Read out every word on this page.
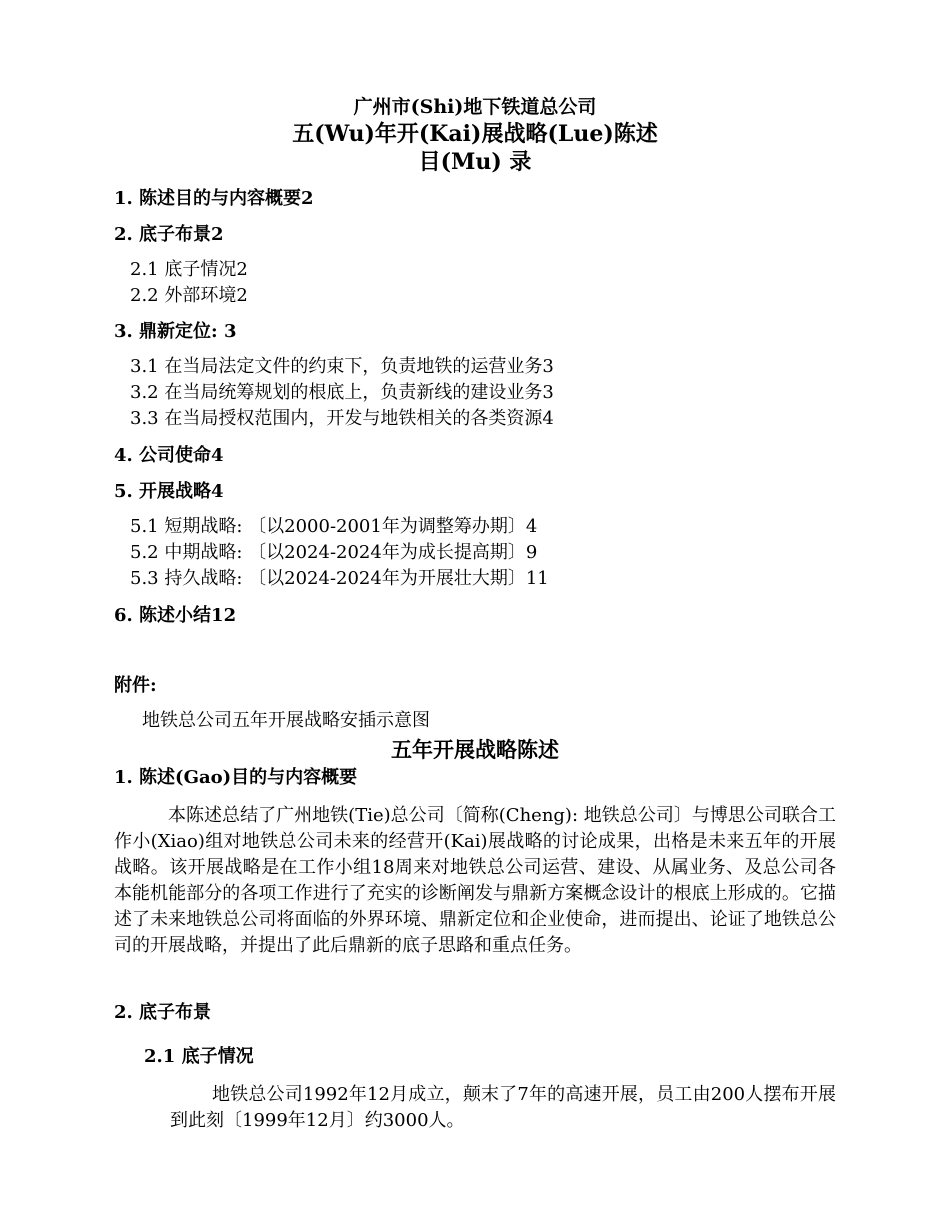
广州市(Shi)地下铁道总公司
五(Wu)年开(Kai)展战略(Lue)陈述
目(Mu) 录
1. 陈述目的与内容概要2
2. 底子布景2
2.1 底子情况2
2.2 外部环境2
3. 鼎新定位: 3
3.1 在当局法定文件的约束下，负责地铁的运营业务3
3.2 在当局统筹规划的根底上，负责新线的建设业务3
3.3 在当局授权范围内，开发与地铁相关的各类资源4
4. 公司使命4
5. 开展战略4
5.1 短期战略: 〔以2000-2001年为调整筹办期〕4
5.2 中期战略: 〔以2024-2024年为成长提高期〕9
5.3 持久战略: 〔以2024-2024年为开展壮大期〕11
6. 陈述小结12
附件:
地铁总公司五年开展战略安插示意图
五年开展战略陈述
1. 陈述(Gao)目的与内容概要
本陈述总结了广州地铁(Tie)总公司〔简称(Cheng): 地铁总公司〕与博思公司联合工作小(Xiao)组对地铁总公司未来的经营开(Kai)展战略的讨论成果，出格是未来五年的开展战略。该开展战略是在工作小组18周来对地铁总公司运营、建设、从属业务、及总公司各本能机能部分的各项工作进行了充实的诊断阐发与鼎新方案概念设计的根底上形成的。它描述了未来地铁总公司将面临的外界环境、鼎新定位和企业使命，进而提出、论证了地铁总公司的开展战略，并提出了此后鼎新的底子思路和重点任务。
2. 底子布景
2.1 底子情况
地铁总公司1992年12月成立，颠末了7年的高速开展，员工由200人摆布开展到此刻〔1999年12月〕约3000人。
